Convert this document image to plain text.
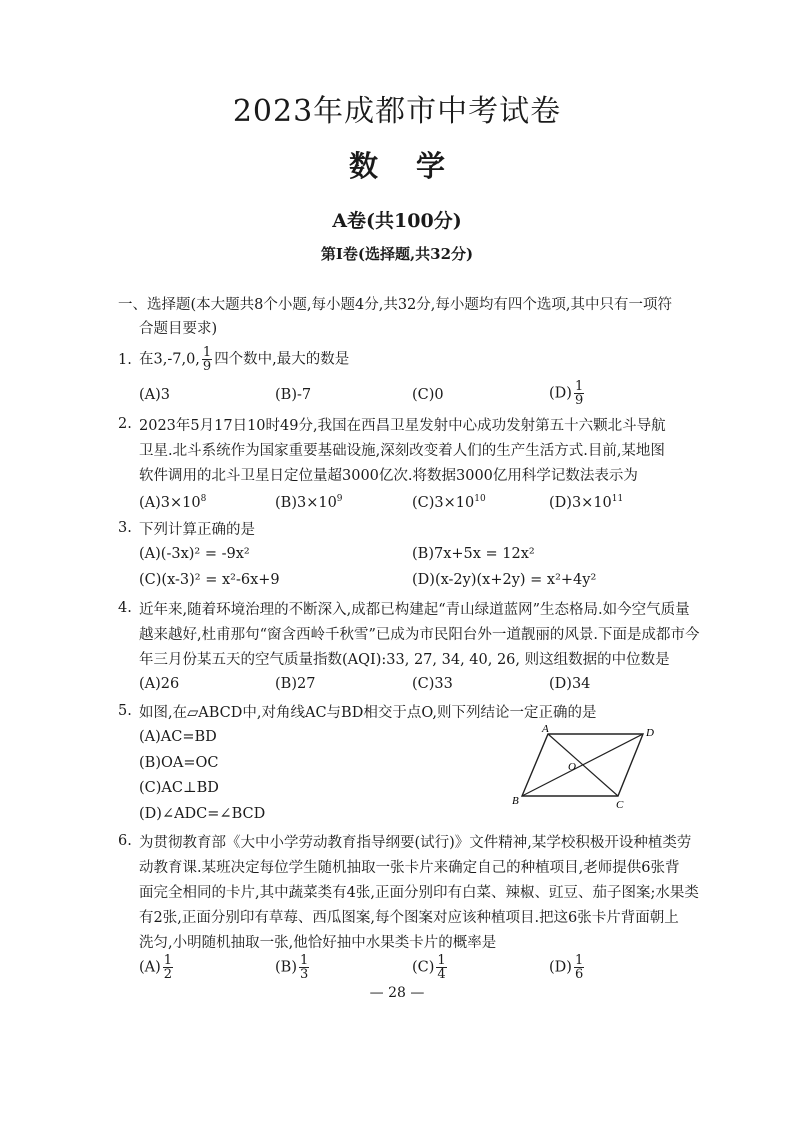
2023年成都市中考试卷
数学
A卷(共100分)
第Ⅰ卷(选择题,共32分)
一、选择题(本大题共8个小题,每小题4分,共32分,每小题均有四个选项,其中只有一项符
合题目要求)
1. 在3,-7,0, $\frac{1}{9}$ 四个数中,最大的数是
(A)3	(B)-7	(C)0	$(D) \frac{1}{9}$
2. 2023年5月17日10时49分,我国在西昌卫星发射中心成功发射第五十六颗北斗导航
卫星.北斗系统作为国家重要基础设施,深刻改变着人们的生产生活方式.目前,某地图
软件调用的北斗卫星日定位量超3000亿次.将数据3000亿用科学记数法表示为
$(A)3\times 10^8$	$(B)3\times 10^9$	$(C)3\times 10^{10}$	$(D)3\times 10^{11}$
3. 下列计算正确的是
(A)(-3x)² = -9x²	(B)7x+5x = 12x²
(C)(x-3)² = x²-6x+9	(D)(x-2y)(x+2y) = x²+4y²
4. 近年来,随着环境治理的不断深入,成都已构建起“青山绿道蓝网”生态格局.如今空气质量
越来越好,杜甫那句“窗含西岭千秋雪”已成为市民阳台外一道靓丽的风景.下面是成都市今
年三月份某五天的空气质量指数(AQI):33, 27, 34, 40, 26, 则这组数据的中位数是
(A)26	(B)27	(C)33	(D)34
5. 如图,在▱ABCD中,对角线AC与BD相交于点O,则下列结论一定正确的是
(A)AC=BD
(B)OA=OC
(C)AC⊥BD
(D)∠ADC=∠BCD
A	D
B	C
O
6. 为贯彻教育部《大中小学劳动教育指导纲要(试行)》文件精神,某学校积极开设种植类劳
动教育课.某班决定每位学生随机抽取一张卡片来确定自己的种植项目,老师提供6张背
面完全相同的卡片,其中蔬菜类有4张,正面分别印有白菜、辣椒、豇豆、茄子图案;水果类
有2张,正面分别印有草莓、西瓜图案,每个图案对应该种植项目.把这6张卡片背面朝上
洗匀,小明随机抽取一张,他恰好抽中水果类卡片的概率是
$(A) \frac{1}{2}$	$(B) \frac{1}{3}$	$(C) \frac{1}{4}$	$(D) \frac{1}{6}$
— 28 —
